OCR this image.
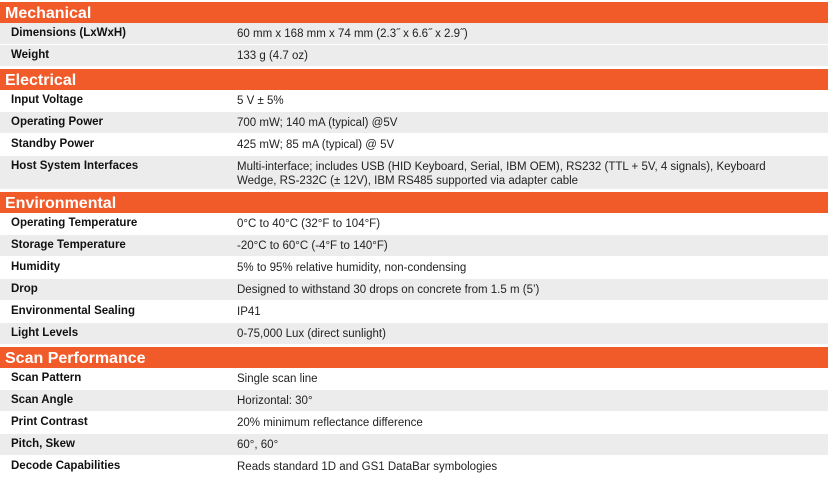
Mechanical
Dimensions (LxWxH)	60 mm x 168 mm x 74 mm (2.3˝ x 6.6˝ x 2.9˝)
Weight	133 g (4.7 oz)
Electrical
Input Voltage	5 V ± 5%
Operating Power	700 mW; 140 mA (typical) @5V
Standby Power	425 mW; 85 mA (typical) @ 5V
Host System Interfaces	Multi-interface; includes USB (HID Keyboard, Serial, IBM OEM), RS232 (TTL + 5V, 4 signals), Keyboard Wedge, RS-232C (± 12V), IBM RS485 supported via adapter cable
Environmental
Operating Temperature	0°C to 40°C (32°F to 104°F)
Storage Temperature	-20°C to 60°C (-4°F to 140°F)
Humidity	5% to 95% relative humidity, non-condensing
Drop	Designed to withstand 30 drops on concrete from 1.5 m (5’)
Environmental Sealing	IP41
Light Levels	0-75,000 Lux (direct sunlight)
Scan Performance
Scan Pattern	Single scan line
Scan Angle	Horizontal: 30°
Print Contrast	20% minimum reflectance difference
Pitch, Skew	60°, 60°
Decode Capabilities	Reads standard 1D and GS1 DataBar symbologies
